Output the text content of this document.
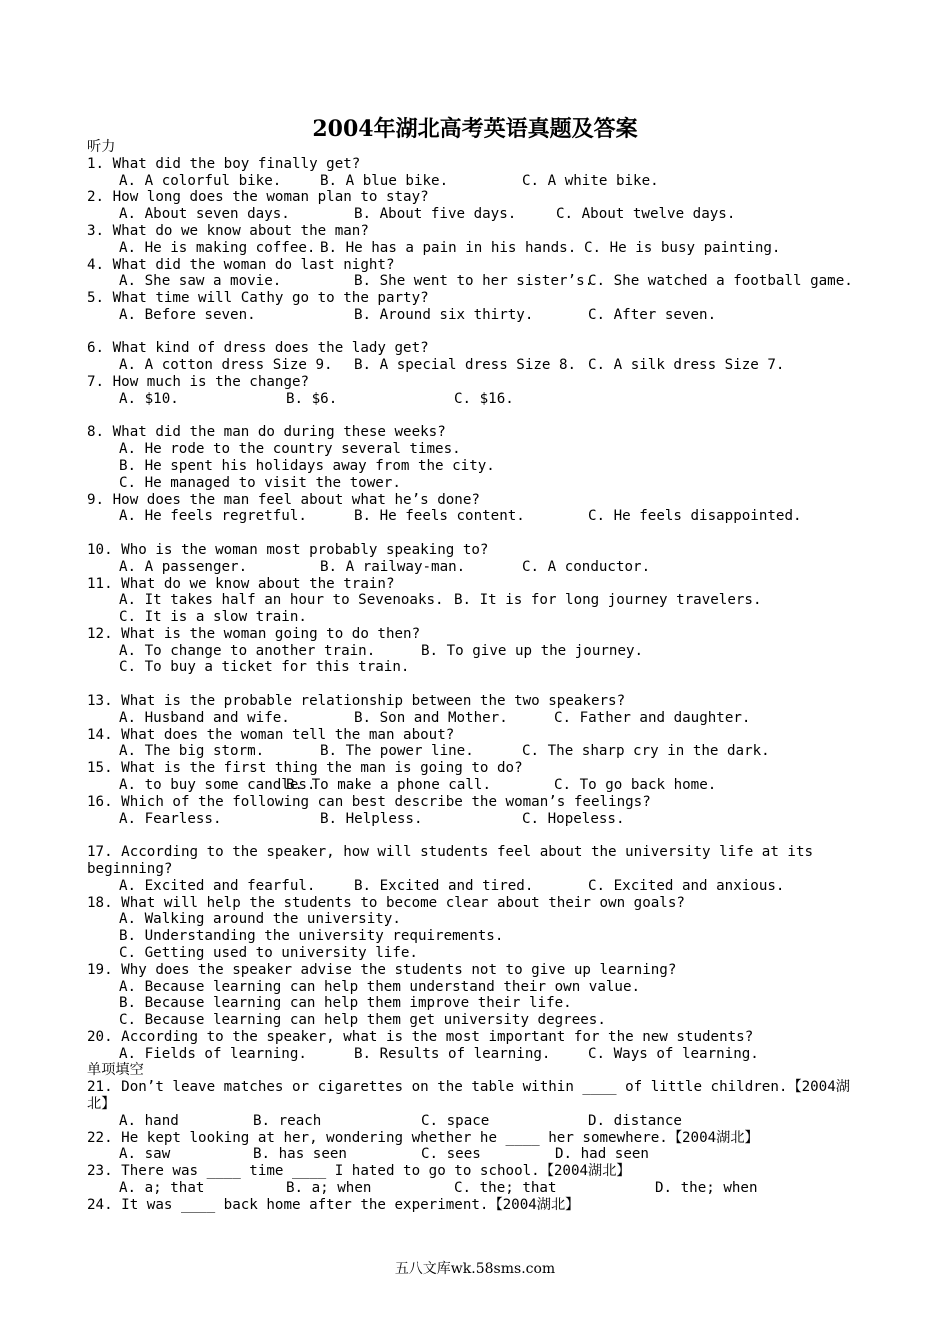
2004年湖北高考英语真题及答案
听力
1. What did the boy finally get?
A. A colorful bike.	B. A blue bike.	C. A white bike.
2. How long does the woman plan to stay?
A. About seven days.	B. About five days.	C. About twelve days.
3. What do we know about the man?
A. He is making coffee. B. He has a pain in his hands. C. He is busy painting.
4. What did the woman do last night?
A. She saw a movie.	B. She went to her sister’s.
C. She watched a football game.
5. What time will Cathy go to the party?
A. Before seven.	B. Around six thirty.	C. After seven.
6. What kind of dress does the lady get?
A. A cotton dress Size 9. B. A special dress Size 8. C. A silk dress Size 7.
7. How much is the change?
A. $10.	B. $6.	C. $16.
8. What did the man do during these weeks?
A. He rode to the country several times.
B. He spent his holidays away from the city.
C. He managed to visit the tower.
9. How does the man feel about what he’s done?
A. He feels regretful.	B. He feels content.	C. He feels disappointed.
10. Who is the woman most probably speaking to?
A. A passenger.	B. A railway-man.	C. A conductor.
11. What do we know about the train?
A. It takes half an hour to Sevenoaks. B. It is for long journey travelers.
C. It is a slow train.
12. What is the woman going to do then?
A. To change to another train.	B. To give up the journey.
C. To buy a ticket for this train.
13. What is the probable relationship between the two speakers?
A. Husband and wife.	B. Son and Mother.	C. Father and daughter.
14. What does the woman tell the man about?
A. The big storm.	B. The power line.	C. The sharp cry in the dark.
15. What is the first thing the man is going to do?
A. to buy some candles.
B. To make a phone call.	C. To go back home.
16. Which of the following can best describe the woman’s feelings?
A. Fearless.	B. Helpless.	C. Hopeless.
17. According to the speaker, how will students feel about the university life at its
beginning?
A. Excited and fearful.	B. Excited and tired.	C. Excited and anxious.
18. What will help the students to become clear about their own goals?
A. Walking around the university.
B. Understanding the university requirements.
C. Getting used to university life.
19. Why does the speaker advise the students not to give up learning?
A. Because learning can help them understand their own value.
B. Because learning can help them improve their life.
C. Because learning can help them get university degrees.
20. According to the speaker, what is the most important for the new students?
A. Fields of learning.	B. Results of learning.	C. Ways of learning.
单项填空
21. Don’t leave matches or cigarettes on the table within ____ of little children.【2004湖
北】
A. hand	B. reach	C. space	D. distance
22. He kept looking at her, wondering whether he ____ her somewhere.【2004湖北】
A. saw	B. has seen	C. sees	D. had seen
23. There was ____ time ____ I hated to go to school.【2004湖北】
A. a; that	B. a; when	C. the; that	D. the; when
24. It was ____ back home after the experiment.【2004湖北】
五八文库wk.58sms.com
